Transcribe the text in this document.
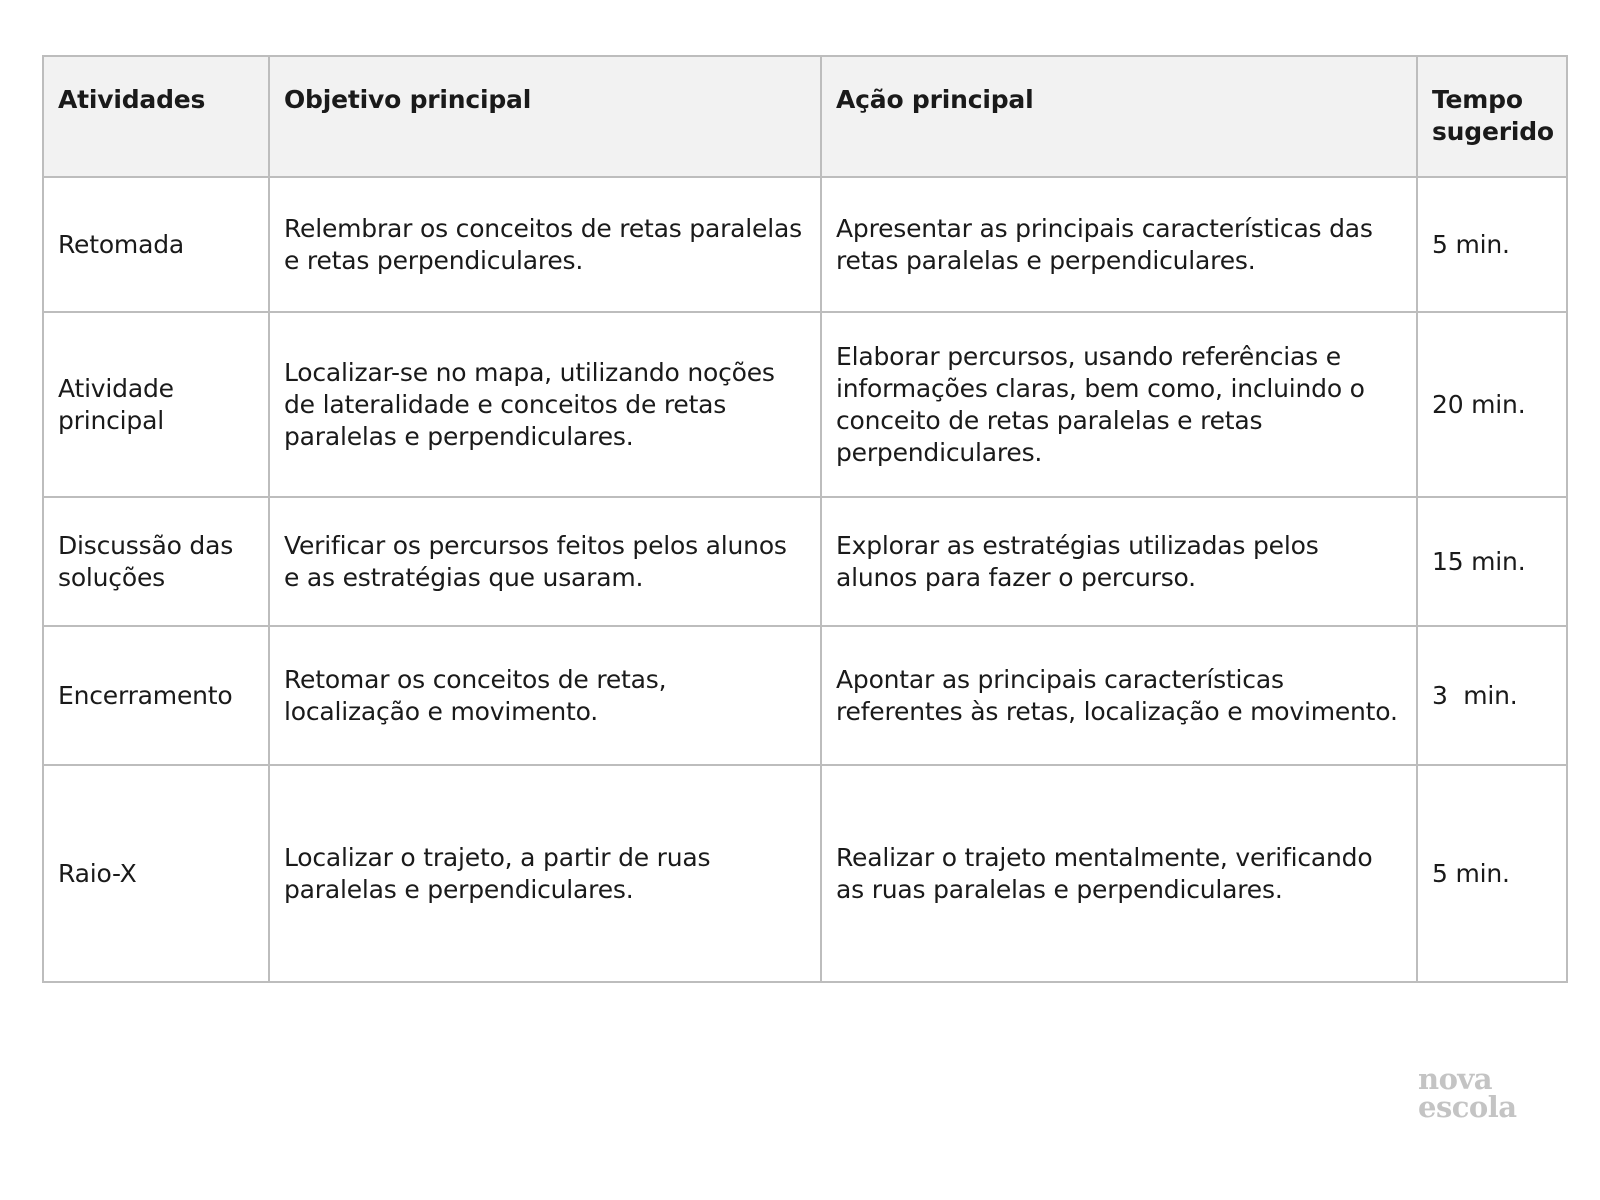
Atividades	Objetivo principal	Ação principal	Tempo sugerido
Retomada	Relembrar os conceitos de retas paralelas e retas perpendiculares.	Apresentar as principais características das retas paralelas e perpendiculares.	5 min.
Atividade principal	Localizar-se no mapa, utilizando noções de lateralidade e conceitos de retas paralelas e perpendiculares.	Elaborar percursos, usando referências e informações claras, bem como, incluindo o conceito de retas paralelas e retas perpendiculares.	20 min.
Discussão das soluções	Verificar os percursos feitos pelos alunos e as estratégias que usaram.	Explorar as estratégias utilizadas pelos alunos para fazer o percurso.	15 min.
Encerramento	Retomar os conceitos de retas, localização e movimento.	Apontar as principais características referentes às retas, localização e movimento.	3  min.
Raio-X	Localizar o trajeto, a partir de ruas paralelas e perpendiculares.	Realizar o trajeto mentalmente, verificando as ruas paralelas e perpendiculares.	5 min.
nova
escola
